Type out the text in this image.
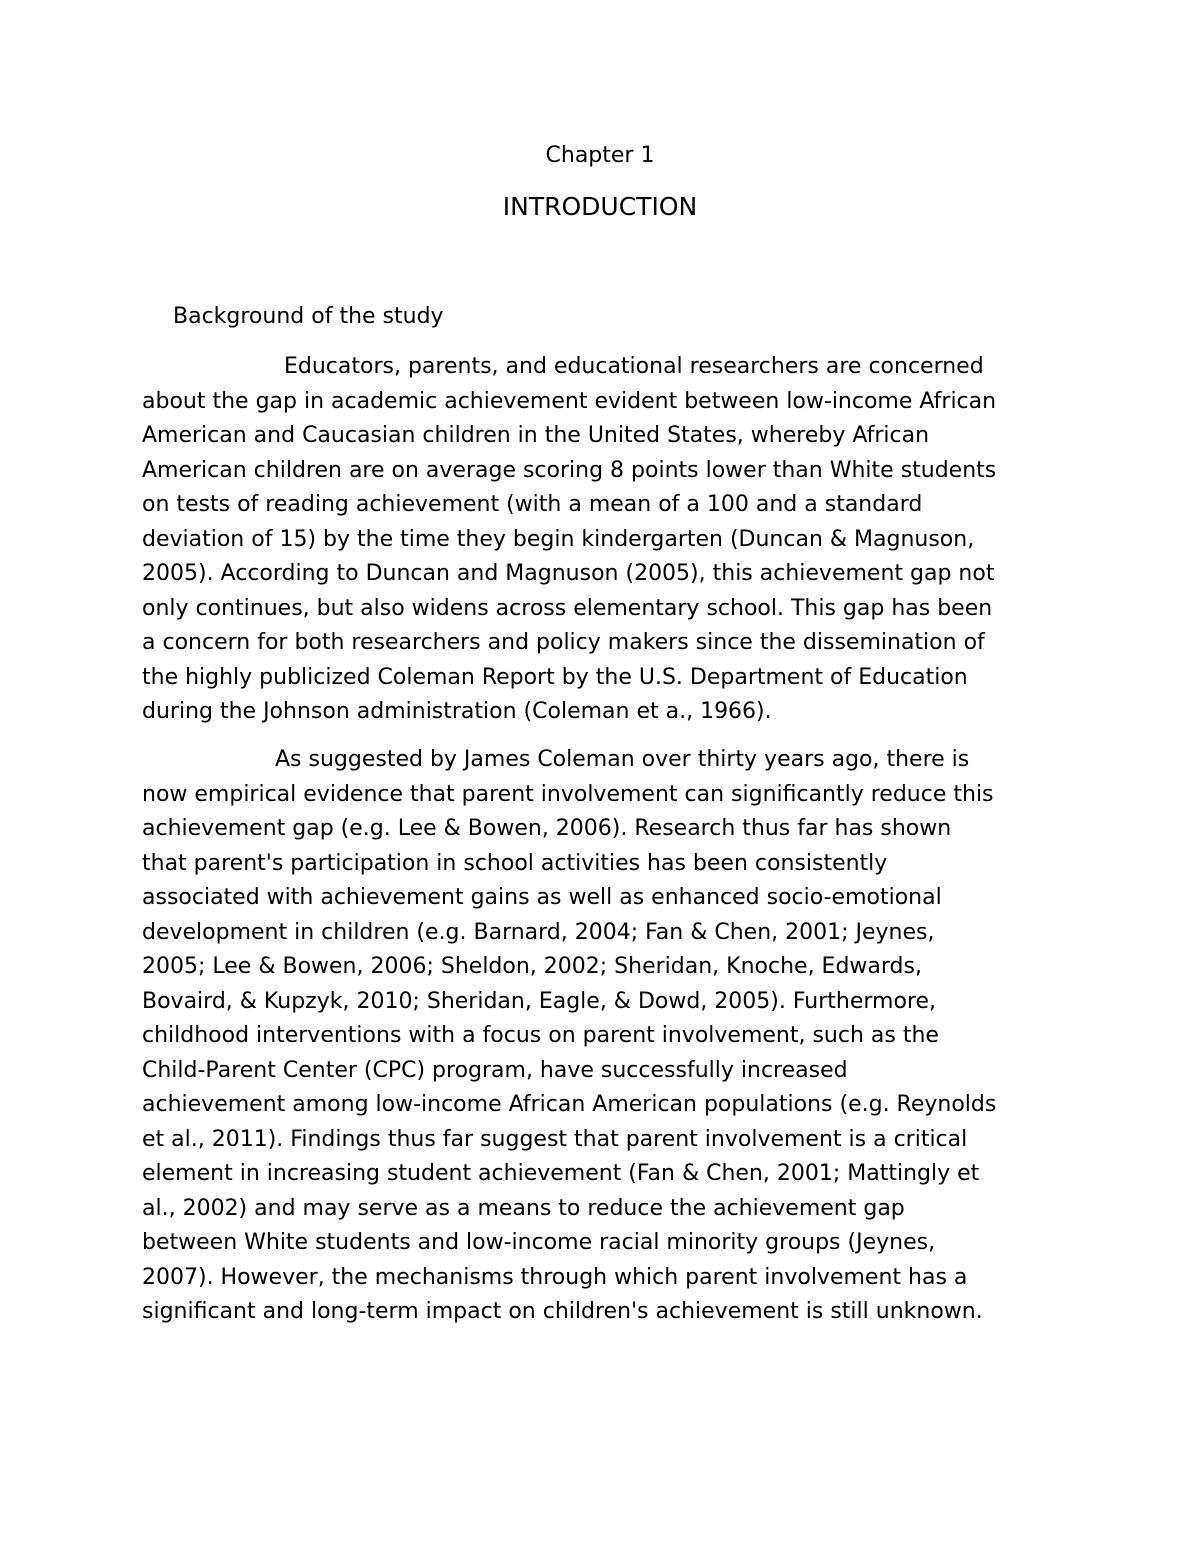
Chapter 1
INTRODUCTION
Background of the study
Educators, parents, and educational researchers are concerned
about the gap in academic achievement evident between low-income African
American and Caucasian children in the United States, whereby African
American children are on average scoring 8 points lower than White students
on tests of reading achievement (with a mean of a 100 and a standard
deviation of 15) by the time they begin kindergarten (Duncan & Magnuson,
2005). According to Duncan and Magnuson (2005), this achievement gap not
only continues, but also widens across elementary school. This gap has been
a concern for both researchers and policy makers since the dissemination of
the highly publicized Coleman Report by the U.S. Department of Education
during the Johnson administration (Coleman et a., 1966).
As suggested by James Coleman over thirty years ago, there is
now empirical evidence that parent involvement can significantly reduce this
achievement gap (e.g. Lee & Bowen, 2006). Research thus far has shown
that parent's participation in school activities has been consistently
associated with achievement gains as well as enhanced socio-emotional
development in children (e.g. Barnard, 2004; Fan & Chen, 2001; Jeynes,
2005; Lee & Bowen, 2006; Sheldon, 2002; Sheridan, Knoche, Edwards,
Bovaird, & Kupzyk, 2010; Sheridan, Eagle, & Dowd, 2005). Furthermore,
childhood interventions with a focus on parent involvement, such as the
Child-Parent Center (CPC) program, have successfully increased
achievement among low-income African American populations (e.g. Reynolds
et al., 2011). Findings thus far suggest that parent involvement is a critical
element in increasing student achievement (Fan & Chen, 2001; Mattingly et
al., 2002) and may serve as a means to reduce the achievement gap
between White students and low-income racial minority groups (Jeynes,
2007). However, the mechanisms through which parent involvement has a
significant and long-term impact on children's achievement is still unknown.
